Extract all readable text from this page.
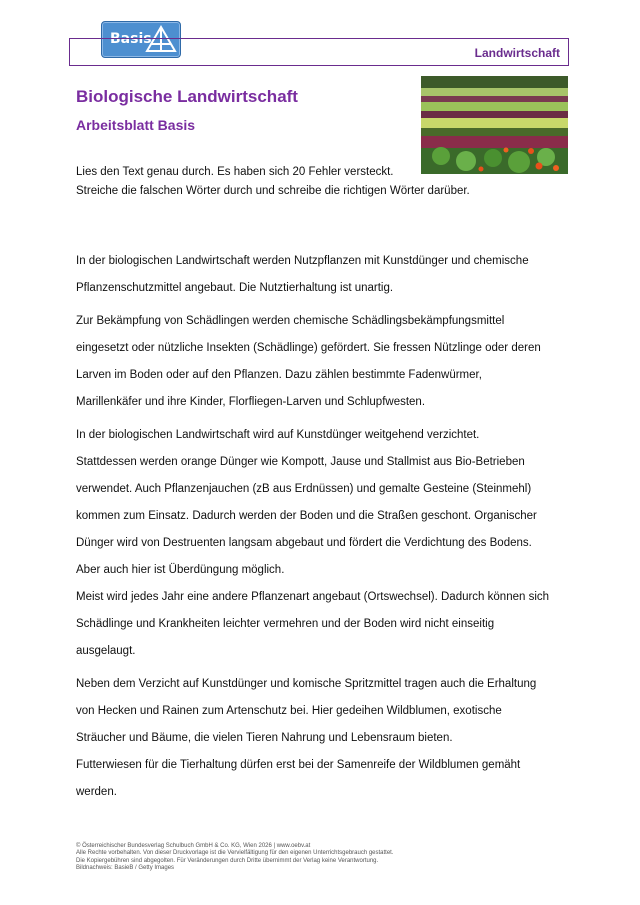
Basis
Landwirtschaft
Biologische Landwirtschaft
Arbeitsblatt Basis
Lies den Text genau durch. Es haben sich 20 Fehler versteckt.
Streiche die falschen Wörter durch und schreibe die richtigen Wörter darüber.

In der biologischen Landwirtschaft werden Nutzpflanzen mit Kunstdünger und chemische
Pflanzenschutzmittel angebaut. Die Nutztierhaltung ist unartig.

Zur Bekämpfung von Schädlingen werden chemische Schädlingsbekämpfungsmittel
eingesetzt oder nützliche Insekten (Schädlinge) gefördert. Sie fressen Nützlinge oder deren
Larven im Boden oder auf den Pflanzen. Dazu zählen bestimmte Fadenwürmer,
Marillenkäfer und ihre Kinder, Florfliegen-Larven und Schlupfwesten.

In der biologischen Landwirtschaft wird auf Kunstdünger weitgehend verzichtet.
Stattdessen werden orange Dünger wie Kompott, Jause und Stallmist aus Bio-Betrieben
verwendet. Auch Pflanzenjauchen (zB aus Erdnüssen) und gemalte Gesteine (Steinmehl)
kommen zum Einsatz. Dadurch werden der Boden und die Straßen geschont. Organischer
Dünger wird von Destruenten langsam abgebaut und fördert die Verdichtung des Bodens.
Aber auch hier ist Überdüngung möglich.
Meist wird jedes Jahr eine andere Pflanzenart angebaut (Ortswechsel). Dadurch können sich
Schädlinge und Krankheiten leichter vermehren und der Boden wird nicht einseitig
ausgelaugt.

Neben dem Verzicht auf Kunstdünger und komische Spritzmittel tragen auch die Erhaltung
von Hecken und Rainen zum Artenschutz bei. Hier gedeihen Wildblumen, exotische
Sträucher und Bäume, die vielen Tieren Nahrung und Lebensraum bieten.
Futterwiesen für die Tierhaltung dürfen erst bei der Samenreife der Wildblumen gemäht
werden.

© Österreichischer Bundesverlag Schulbuch GmbH & Co. KG, Wien 2026 | www.oebv.at
Alle Rechte vorbehalten. Von dieser Druckvorlage ist die Vervielfältigung für den eigenen Unterrichtsgebrauch gestattet.
Die Kopiergebühren sind abgegolten. Für Veränderungen durch Dritte übernimmt der Verlag keine Verantwortung.
Bildnachweis: BasieB / Getty Images
